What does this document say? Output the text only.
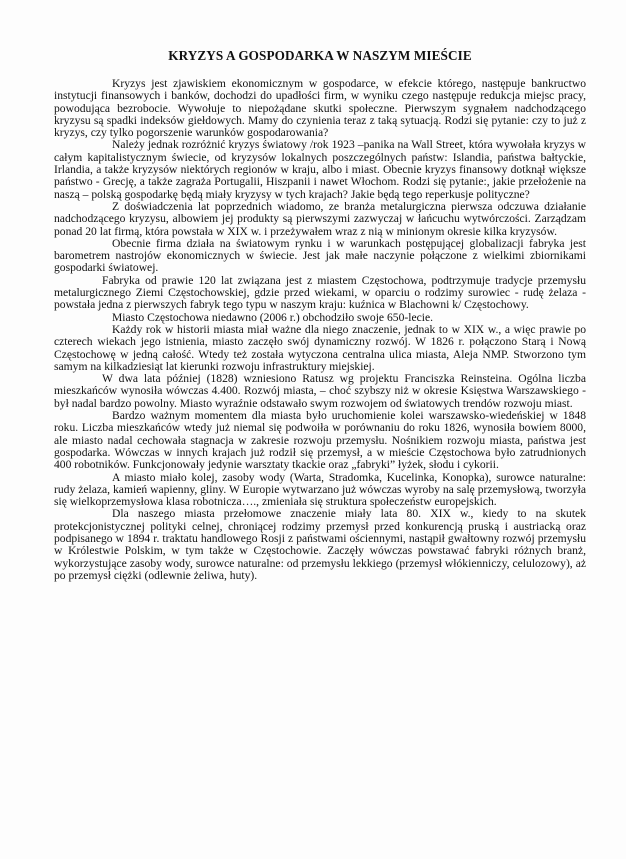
KRYZYS A GOSPODARKA W NASZYM MIEŚCIE

Kryzys jest zjawiskiem ekonomicznym w gospodarce, w efekcie którego, następuje bankructwo instytucji finansowych i banków, dochodzi do upadłości firm, w wyniku czego następuje redukcja miejsc pracy, powodująca bezrobocie. Wywołuje to niepożądane skutki społeczne. Pierwszym sygnałem nadchodzącego kryzysu są spadki indeksów giełdowych. Mamy do czynienia teraz z taką sytuacją. Rodzi się pytanie: czy to już z kryzys, czy tylko pogorszenie warunków gospodarowania?

Należy jednak rozróżnić kryzys światowy /rok 1923 –panika na Wall Street, która wywołała kryzys w całym kapitalistycznym świecie, od kryzysów lokalnych poszczególnych państw: Islandia, państwa bałtyckie, Irlandia, a także kryzysów niektórych regionów w kraju, albo i miast. Obecnie kryzys finansowy dotknął większe państwo - Grecję, a także zagraża Portugalii, Hiszpanii i nawet Włochom. Rodzi się pytanie:, jakie przełożenie na naszą – polską gospodarkę będą miały kryzysy w tych krajach? Jakie będą tego reperkusje polityczne?

Z doświadczenia lat poprzednich wiadomo, ze branża metalurgiczna pierwsza odczuwa działanie nadchodzącego kryzysu, albowiem jej produkty są pierwszymi zazwyczaj w łańcuchu wytwórczości. Zarządzam ponad 20 lat firmą, która powstała w XIX w. i przeżywałem wraz z nią w minionym okresie kilka kryzysów.

Obecnie firma działa na światowym rynku i w warunkach postępującej globalizacji fabryka jest barometrem nastrojów ekonomicznych w świecie. Jest jak małe naczynie połączone z wielkimi zbiornikami gospodarki światowej.

Fabryka od prawie 120 lat związana jest z miastem Częstochowa, podtrzymuje tradycje przemysłu metalurgicznego Ziemi Częstochowskiej, gdzie przed wiekami, w oparciu o rodzimy surowiec - rudę żelaza - powstała jedna z pierwszych fabryk tego typu w naszym kraju: kuźnica w Blachowni k/ Częstochowy.

Miasto Częstochowa niedawno (2006 r.) obchodziło swoje 650-lecie.

Każdy rok w historii miasta miał ważne dla niego znaczenie, jednak to w XIX w., a więc prawie po czterech wiekach jego istnienia, miasto zaczęło swój dynamiczny rozwój. W 1826 r. połączono Starą i Nową Częstochowę w jedną całość. Wtedy też została wytyczona centralna ulica miasta, Aleja NMP. Stworzono tym samym na kilkadziesiąt lat kierunki rozwoju infrastruktury miejskiej.

W dwa lata później (1828) wzniesiono Ratusz wg projektu Franciszka Reinsteina. Ogólna liczba mieszkańców wynosiła wówczas 4.400. Rozwój miasta, – choć szybszy niż w okresie Księstwa Warszawskiego - był nadal bardzo powolny. Miasto wyraźnie odstawało swym rozwojem od światowych trendów rozwoju miast.

Bardzo ważnym momentem dla miasta było uruchomienie kolei warszawsko-wiedeńskiej w 1848 roku. Liczba mieszkańców wtedy już niemal się podwoiła w porównaniu do roku 1826, wynosiła bowiem 8000, ale miasto nadal cechowała stagnacja w zakresie rozwoju przemysłu. Nośnikiem rozwoju miasta, państwa jest gospodarka. Wówczas w innych krajach już rodził się przemysł, a w mieście Częstochowa było zatrudnionych 400 robotników. Funkcjonowały jedynie warsztaty tkackie oraz „fabryki” łyżek, słodu i cykorii.

A miasto miało kolej, zasoby wody (Warta, Stradomka, Kucelinka, Konopka), surowce naturalne: rudy żelaza, kamień wapienny, gliny. W Europie wytwarzano już wówczas wyroby na salę przemysłową, tworzyła się wielkoprzemysłowa klasa robotnicza…., zmieniała się struktura społeczeństw europejskich.

Dla naszego miasta przełomowe znaczenie miały lata 80. XIX w., kiedy to na skutek protekcjonistycznej polityki celnej, chroniącej rodzimy przemysł przed konkurencją pruską i austriacką oraz podpisanego w 1894 r. traktatu handlowego Rosji z państwami ościennymi, nastąpił gwałtowny rozwój przemysłu w Królestwie Polskim, w tym także w Częstochowie. Zaczęły wówczas powstawać fabryki różnych branż, wykorzystujące zasoby wody, surowce naturalne: od przemysłu lekkiego (przemysł włókienniczy, celulozowy), aż po przemysł ciężki (odlewnie żeliwa, huty).
